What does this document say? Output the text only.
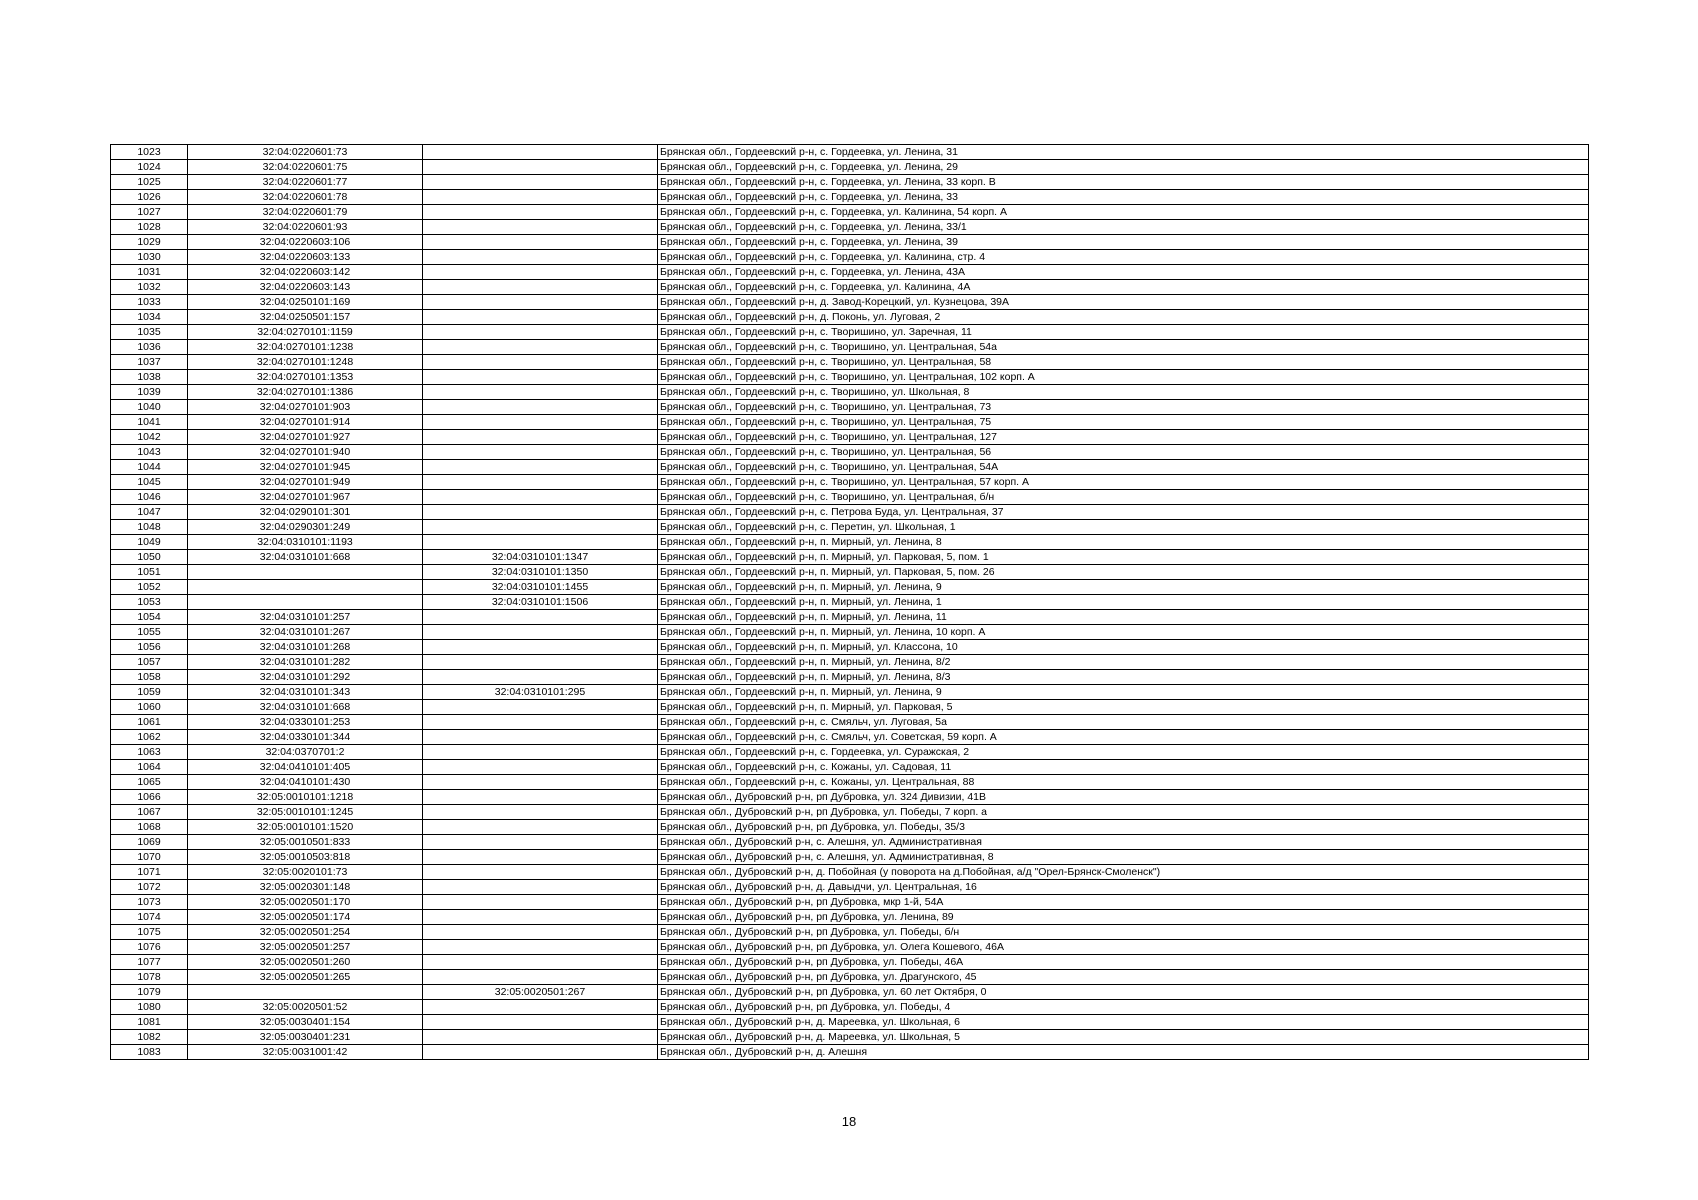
1023	32:04:0220601:73		Брянская обл., Гордеевский р-н, с. Гордеевка, ул. Ленина, 31
1024	32:04:0220601:75		Брянская обл., Гордеевский р-н, с. Гордеевка, ул. Ленина, 29
1025	32:04:0220601:77		Брянская обл., Гордеевский р-н, с. Гордеевка, ул. Ленина, 33 корп. В
1026	32:04:0220601:78		Брянская обл., Гордеевский р-н, с. Гордеевка, ул. Ленина, 33
1027	32:04:0220601:79		Брянская обл., Гордеевский р-н, с. Гордеевка, ул. Калинина, 54 корп. А
1028	32:04:0220601:93		Брянская обл., Гордеевский р-н, с. Гордеевка, ул. Ленина, 33/1
1029	32:04:0220603:106		Брянская обл., Гордеевский р-н, с. Гордеевка, ул. Ленина, 39
1030	32:04:0220603:133		Брянская обл., Гордеевский р-н, с. Гордеевка, ул. Калинина, стр. 4
1031	32:04:0220603:142		Брянская обл., Гордеевский р-н, с. Гордеевка, ул. Ленина, 43А
1032	32:04:0220603:143		Брянская обл., Гордеевский р-н, с. Гордеевка, ул. Калинина, 4А
1033	32:04:0250101:169		Брянская обл., Гордеевский р-н, д. Завод-Корецкий, ул. Кузнецова, 39А
1034	32:04:0250501:157		Брянская обл., Гордеевский р-н, д. Поконь, ул. Луговая, 2
1035	32:04:0270101:1159		Брянская обл., Гордеевский р-н, с. Творишино, ул. Заречная, 11
1036	32:04:0270101:1238		Брянская обл., Гордеевский р-н, с. Творишино, ул. Центральная, 54а
1037	32:04:0270101:1248		Брянская обл., Гордеевский р-н, с. Творишино, ул. Центральная, 58
1038	32:04:0270101:1353		Брянская обл., Гордеевский р-н, с. Творишино, ул. Центральная, 102 корп. А
1039	32:04:0270101:1386		Брянская обл., Гордеевский р-н, с. Творишино, ул. Школьная, 8
1040	32:04:0270101:903		Брянская обл., Гордеевский р-н, с. Творишино, ул. Центральная, 73
1041	32:04:0270101:914		Брянская обл., Гордеевский р-н, с. Творишино, ул. Центральная, 75
1042	32:04:0270101:927		Брянская обл., Гордеевский р-н, с. Творишино, ул. Центральная, 127
1043	32:04:0270101:940		Брянская обл., Гордеевский р-н, с. Творишино, ул. Центральная, 56
1044	32:04:0270101:945		Брянская обл., Гордеевский р-н, с. Творишино, ул. Центральная, 54А
1045	32:04:0270101:949		Брянская обл., Гордеевский р-н, с. Творишино, ул. Центральная, 57 корп. А
1046	32:04:0270101:967		Брянская обл., Гордеевский р-н, с. Творишино, ул. Центральная, б/н
1047	32:04:0290101:301		Брянская обл., Гордеевский р-н, с. Петрова Буда, ул. Центральная, 37
1048	32:04:0290301:249		Брянская обл., Гордеевский р-н, с. Перетин, ул. Школьная, 1
1049	32:04:0310101:1193		Брянская обл., Гордеевский р-н, п. Мирный, ул. Ленина, 8
1050	32:04:0310101:668	32:04:0310101:1347	Брянская обл., Гордеевский р-н, п. Мирный, ул. Парковая, 5, пом. 1
1051		32:04:0310101:1350	Брянская обл., Гордеевский р-н, п. Мирный, ул. Парковая, 5, пом. 26
1052		32:04:0310101:1455	Брянская обл., Гордеевский р-н, п. Мирный, ул. Ленина, 9
1053		32:04:0310101:1506	Брянская обл., Гордеевский р-н, п. Мирный, ул. Ленина, 1
1054	32:04:0310101:257		Брянская обл., Гордеевский р-н, п. Мирный, ул. Ленина, 11
1055	32:04:0310101:267		Брянская обл., Гордеевский р-н, п. Мирный, ул. Ленина, 10 корп. А
1056	32:04:0310101:268		Брянская обл., Гордеевский р-н, п. Мирный, ул. Классона, 10
1057	32:04:0310101:282		Брянская обл., Гордеевский р-н, п. Мирный, ул. Ленина, 8/2
1058	32:04:0310101:292		Брянская обл., Гордеевский р-н, п. Мирный, ул. Ленина, 8/3
1059	32:04:0310101:343	32:04:0310101:295	Брянская обл., Гордеевский р-н, п. Мирный, ул. Ленина, 9
1060	32:04:0310101:668		Брянская обл., Гордеевский р-н, п. Мирный, ул. Парковая, 5
1061	32:04:0330101:253		Брянская обл., Гордеевский р-н, с. Смяльч, ул. Луговая, 5а
1062	32:04:0330101:344		Брянская обл., Гордеевский р-н, с. Смяльч, ул. Советская, 59 корп. А
1063	32:04:0370701:2		Брянская обл., Гордеевский р-н, с. Гордеевка, ул. Суражская, 2
1064	32:04:0410101:405		Брянская обл., Гордеевский р-н, с. Кожаны, ул. Садовая, 11
1065	32:04:0410101:430		Брянская обл., Гордеевский р-н, с. Кожаны, ул. Центральная, 88
1066	32:05:0010101:1218		Брянская обл., Дубровский р-н, рп Дубровка, ул. 324 Дивизии, 41В
1067	32:05:0010101:1245		Брянская обл., Дубровский р-н, рп Дубровка, ул. Победы, 7 корп. а
1068	32:05:0010101:1520		Брянская обл., Дубровский р-н, рп Дубровка, ул. Победы, 35/3
1069	32:05:0010501:833		Брянская обл., Дубровский р-н, с. Алешня, ул. Административная
1070	32:05:0010503:818		Брянская обл., Дубровский р-н, с. Алешня, ул. Административная, 8
1071	32:05:0020101:73		Брянская обл., Дубровский р-н, д. Побойная (у поворота на д.Побойная, а/д "Орел-Брянск-Смоленск")
1072	32:05:0020301:148		Брянская обл., Дубровский р-н, д. Давыдчи, ул. Центральная, 16
1073	32:05:0020501:170		Брянская обл., Дубровский р-н, рп Дубровка, мкр 1-й, 54А
1074	32:05:0020501:174		Брянская обл., Дубровский р-н, рп Дубровка, ул. Ленина, 89
1075	32:05:0020501:254		Брянская обл., Дубровский р-н, рп Дубровка, ул. Победы, б/н
1076	32:05:0020501:257		Брянская обл., Дубровский р-н, рп Дубровка, ул. Олега Кошевого, 46А
1077	32:05:0020501:260		Брянская обл., Дубровский р-н, рп Дубровка, ул. Победы, 46А
1078	32:05:0020501:265		Брянская обл., Дубровский р-н, рп Дубровка, ул. Драгунского, 45
1079		32:05:0020501:267	Брянская обл., Дубровский р-н, рп Дубровка, ул. 60 лет Октября, 0
1080	32:05:0020501:52		Брянская обл., Дубровский р-н, рп Дубровка, ул. Победы, 4
1081	32:05:0030401:154		Брянская обл., Дубровский р-н, д. Мареевка, ул. Школьная, 6
1082	32:05:0030401:231		Брянская обл., Дубровский р-н, д. Мареевка, ул. Школьная, 5
1083	32:05:0031001:42		Брянская обл., Дубровский р-н, д. Алешня
18
